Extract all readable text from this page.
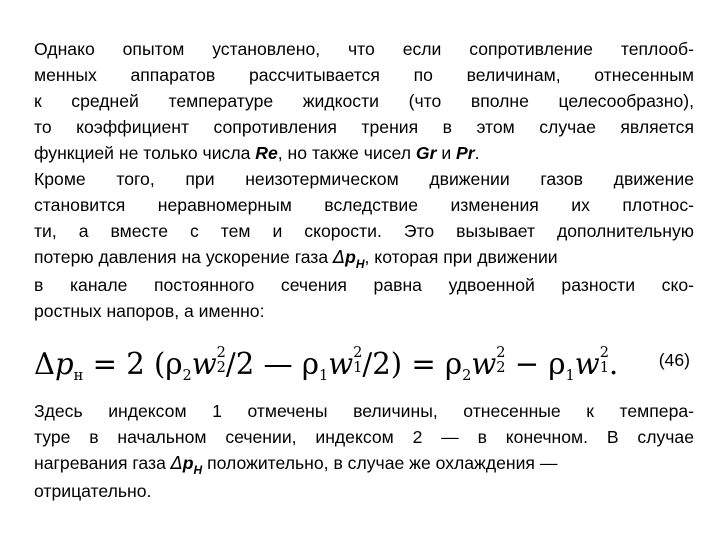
Однако опытом установлено, что если сопротивление теплооб-
менных аппаратов рассчитывается по величинам, отнесенным
к средней температуре жидкости (что вполне целесообразно),
то коэффициент сопротивления трения в этом случае является
функцией не только числа Re, но также чисел Gr и Pr.
Кроме того, при неизотермическом движении газов движение
становится неравномерным вследствие изменения их плотнос-
ти, а вместе с тем и скорости. Это вызывает дополнительную
потерю давления на ускорение газа $\Delta p_H$, которая при движении
в канале постоянного сечения равна удвоенной разности ско-
ростных напоров, а именно:
$\Delta p_н = 2$ ($\rho_2w$ 2
2 /2 — $\rho_1w$ 2
1 $/2) = \rho_2w$ 2
$2 - \rho_1w$ 2
1 . (46)
Здесь индексом 1 отмечены величины, отнесенные к темпера-
туре в начальном сечении, индексом 2 — в конечном. В случае
нагревания газа $\Delta p_H$ положительно, в случае же охлаждения —
отрицательно.
